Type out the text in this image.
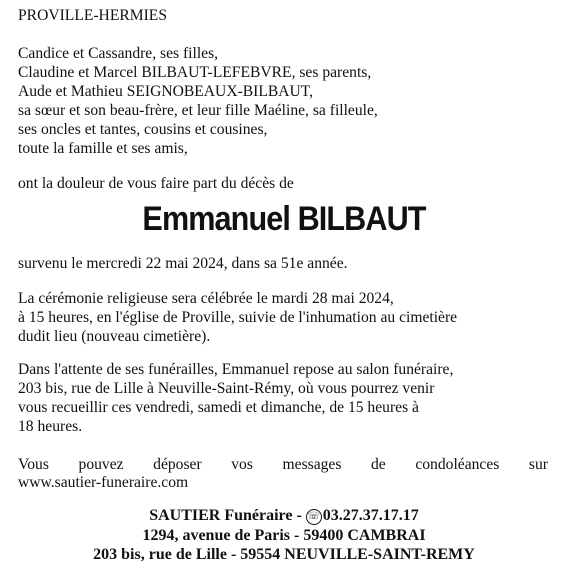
PROVILLE-HERMIES
Candice et Cassandre, ses filles,
Claudine et Marcel BILBAUT-LEFEBVRE, ses parents,
Aude et Mathieu SEIGNOBEAUX-BILBAUT,
sa sœur et son beau-frère, et leur fille Maéline, sa filleule,
ses oncles et tantes, cousins et cousines,
toute la famille et ses amis,
ont la douleur de vous faire part du décès de
Emmanuel BILBAUT
survenu le mercredi 22 mai 2024, dans sa 51e année.
La cérémonie religieuse sera célébrée le mardi 28 mai 2024,
à 15 heures, en l'église de Proville, suivie de l'inhumation au cimetière
dudit lieu (nouveau cimetière).
Dans l'attente de ses funérailles, Emmanuel repose au salon funéraire,
203 bis, rue de Lille à Neuville-Saint-Rémy, où vous pourrez venir
vous recueillir ces vendredi, samedi et dimanche, de 15 heures à
18 heures.
Vous pouvez déposer vos messages de condoléances sur
www.sautier-funeraire.com
SAUTIER Funéraire - ☏ 03.27.37.17.17
1294, avenue de Paris - 59400 CAMBRAI
203 bis, rue de Lille - 59554 NEUVILLE-SAINT-REMY
